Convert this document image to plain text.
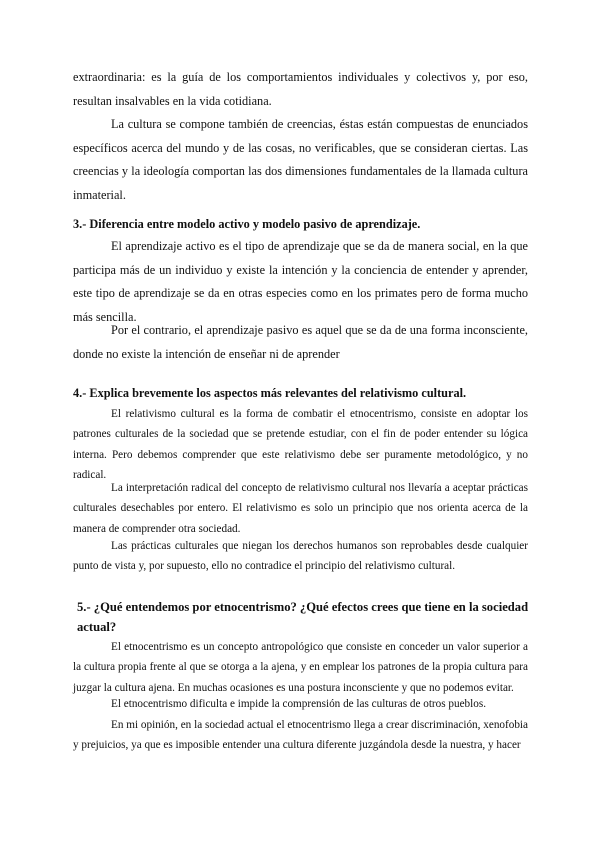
extraordinaria: es la guía de los comportamientos individuales y colectivos y, por eso, resultan insalvables en la vida cotidiana.

La cultura se compone también de creencias, éstas están compuestas de enunciados específicos acerca del mundo y de las cosas, no verificables, que se consideran ciertas. Las creencias y la ideología comportan las dos dimensiones fundamentales de la llamada cultura inmaterial.

3.- Diferencia entre modelo activo y modelo pasivo de aprendizaje.

El aprendizaje activo es el tipo de aprendizaje que se da de manera social, en la que participa más de un individuo y existe la intención y la conciencia de entender y aprender, este tipo de aprendizaje se da en otras especies como en los primates pero de forma mucho más sencilla.

Por el contrario, el aprendizaje pasivo es aquel que se da de una forma inconsciente, donde no existe la intención de enseñar ni de aprender

4.- Explica brevemente los aspectos más relevantes del relativismo cultural.

El relativismo cultural es la forma de combatir el etnocentrismo, consiste en adoptar los patrones culturales de la sociedad que se pretende estudiar, con el fin de poder entender su lógica interna. Pero debemos comprender que este relativismo debe ser puramente metodológico, y no radical.

La interpretación radical del concepto de relativismo cultural nos llevaría a aceptar prácticas culturales desechables por entero. El relativismo es solo un principio que nos orienta acerca de la manera de comprender otra sociedad.

Las prácticas culturales que niegan los derechos humanos son reprobables desde cualquier punto de vista y, por supuesto, ello no contradice el principio del relativismo cultural.

5.- ¿Qué entendemos por etnocentrismo? ¿Qué efectos crees que tiene en la sociedad actual?

El etnocentrismo es un concepto antropológico que consiste en conceder un valor superior a la cultura propia frente al que se otorga a la ajena, y en emplear los patrones de la propia cultura para juzgar la cultura ajena. En muchas ocasiones es una postura inconsciente y que no podemos evitar.

El etnocentrismo dificulta e impide la comprensión de las culturas de otros pueblos.

En mi opinión, en la sociedad actual el etnocentrismo llega a crear discriminación, xenofobia y prejuicios, ya que es imposible entender una cultura diferente juzgándola desde la nuestra, y hacer
